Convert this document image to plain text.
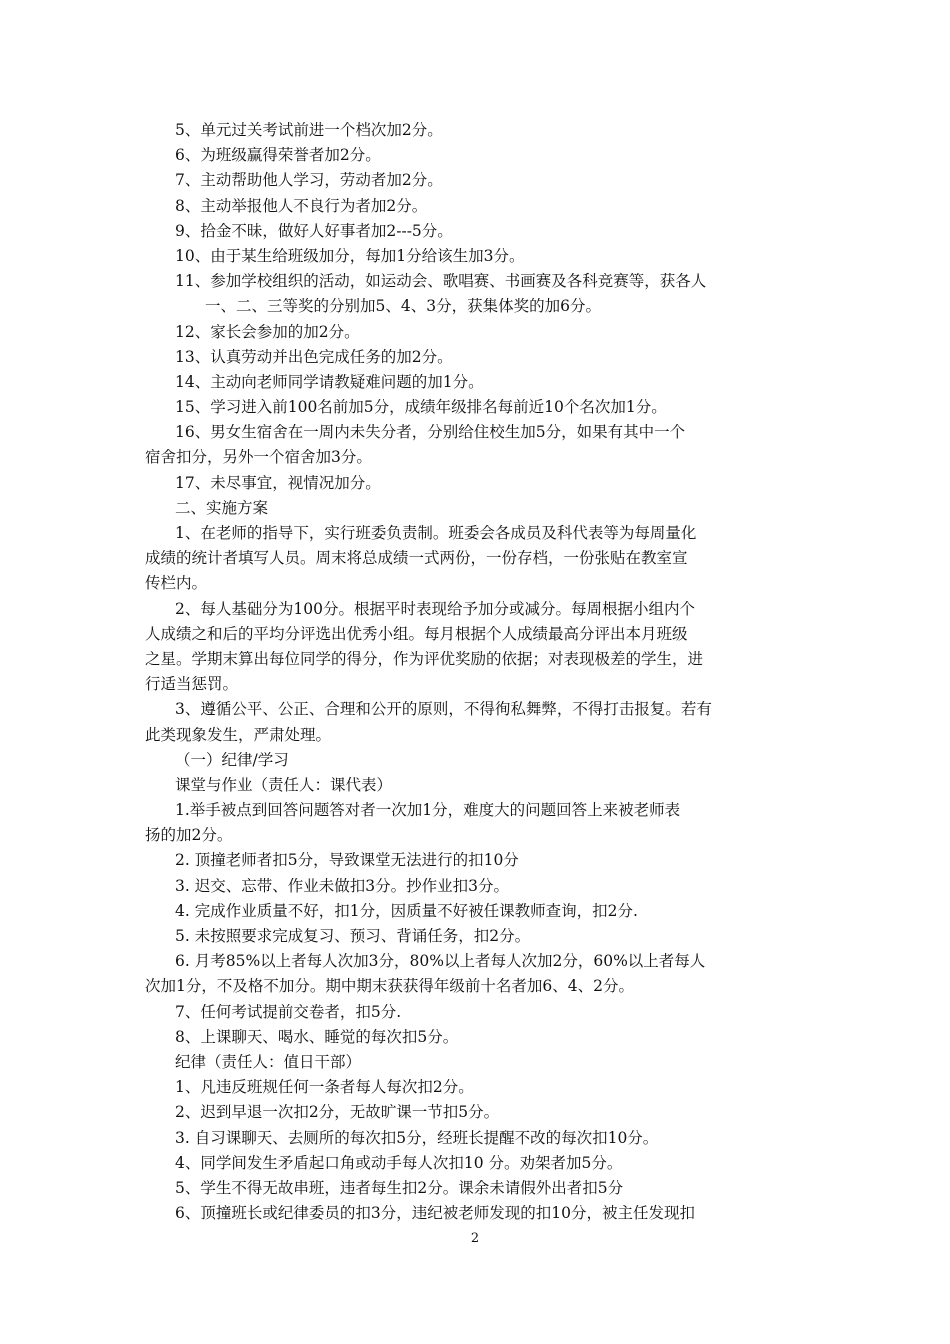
5、单元过关考试前进一个档次加2分。
6、为班级赢得荣誉者加2分。
7、主动帮助他人学习，劳动者加2分。
8、主动举报他人不良行为者加2分。
9、拾金不昧，做好人好事者加2---5分。
10、由于某生给班级加分，每加1分给该生加3分。
11、参加学校组织的活动，如运动会、歌唱赛、书画赛及各科竞赛等，获各人
一、二、三等奖的分别加5、4、3分，获集体奖的加6分。
12、家长会参加的加2分。
13、认真劳动并出色完成任务的加2分。
14、主动向老师同学请教疑难问题的加1分。
15、学习进入前100名前加5分，成绩年级排名每前近10个名次加1分。
16、男女生宿舍在一周内未失分者，分别给住校生加5分，如果有其中一个
宿舍扣分，另外一个宿舍加3分。
17、未尽事宜，视情况加分。
二、实施方案
1、在老师的指导下，实行班委负责制。班委会各成员及科代表等为每周量化
成绩的统计者填写人员。周末将总成绩一式两份，一份存档，一份张贴在教室宣
传栏内。
2、每人基础分为100分。根据平时表现给予加分或减分。每周根据小组内个
人成绩之和后的平均分评选出优秀小组。每月根据个人成绩最高分评出本月班级
之星。学期末算出每位同学的得分，作为评优奖励的依据；对表现极差的学生，进
行适当惩罚。
3、遵循公平、公正、合理和公开的原则，不得徇私舞弊，不得打击报复。若有
此类现象发生，严肃处理。
（一）纪律/学习
课堂与作业（责任人：课代表）
1.举手被点到回答问题答对者一次加1分，难度大的问题回答上来被老师表
扬的加2分。
2. 顶撞老师者扣5分，导致课堂无法进行的扣10分
3. 迟交、忘带、作业未做扣3分。抄作业扣3分。
4. 完成作业质量不好，扣1分，因质量不好被任课教师查询，扣2分.
5. 未按照要求完成复习、预习、背诵任务，扣2分。
6. 月考85%以上者每人次加3分，80%以上者每人次加2分，60%以上者每人
次加1分，不及格不加分。期中期末获获得年级前十名者加6、4、2分。
7、任何考试提前交卷者，扣5分.
8、上课聊天、喝水、睡觉的每次扣5分。
纪律（责任人：值日干部）
1、凡违反班规任何一条者每人每次扣2分。
2、迟到早退一次扣2分，无故旷课一节扣5分。
3. 自习课聊天、去厕所的每次扣5分，经班长提醒不改的每次扣10分。
4、同学间发生矛盾起口角或动手每人次扣10 分。劝架者加5分。
5、学生不得无故串班，违者每生扣2分。课余未请假外出者扣5分
6、顶撞班长或纪律委员的扣3分，违纪被老师发现的扣10分，被主任发现扣
2
